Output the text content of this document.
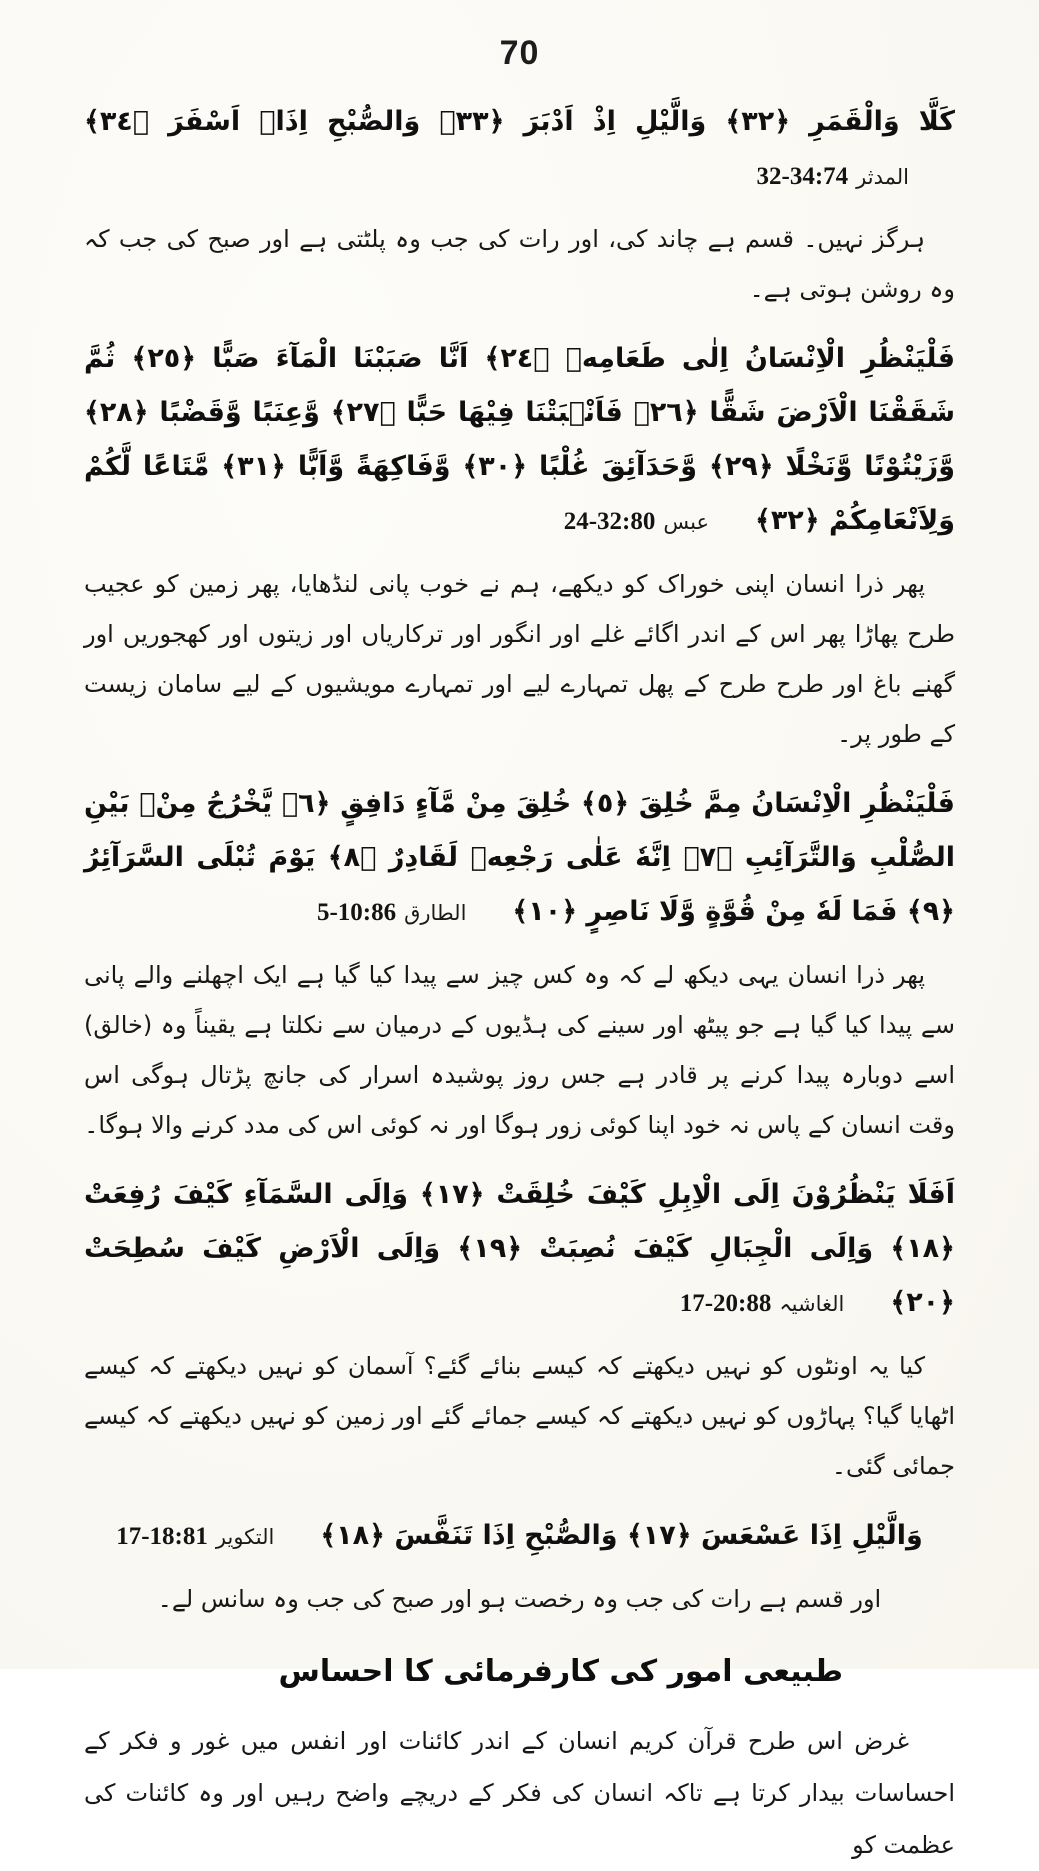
70

كَلَّا وَالْقَمَرِ ﴿٣٢﴾ وَالَّيْلِ اِذْ اَدْبَرَ ﴿٣٣﴾ وَالصُّبْحِ اِذَاۤ اَسْفَرَ ﴿٣٤﴾المدثر32-34:74

ہرگز نہیں۔ قسم ہے چاند کی، اور رات کی جب وہ پلٹتی ہے اور صبح کی جب کہ وہ روشن ہوتی ہے۔

فَلْيَنْظُرِ الْاِنْسَانُ اِلٰى طَعَامِهٖ ﴿٢٤﴾ اَنَّا صَبَبْنَا الْمَآءَ صَبًّا ﴿٢٥﴾ ثُمَّ شَقَقْنَا الْاَرْضَ شَقًّا ﴿٢٦﴾ فَاَنْۢبَتْنَا فِيْهَا حَبًّا ﴿٢٧﴾ وَّعِنَبًا وَّقَضْبًا ﴿٢٨﴾ وَّزَيْتُوْنًا وَّنَخْلًا ﴿٢٩﴾ وَّحَدَآئِقَ غُلْبًا ﴿٣٠﴾ وَّفَاكِهَةً وَّاَبًّا ﴿٣١﴾ مَّتَاعًا لَّكُمْ وَلِاَنْعَامِكُمْ ﴿٣٢﴾عبس24-32:80

پھر ذرا انسان اپنی خوراک کو دیکھے، ہم نے خوب پانی لنڈھایا، پھر زمین کو عجیب طرح پھاڑا پھر اس کے اندر اگائے غلے اور انگور اور ترکاریاں اور زیتوں اور کھجوریں اور گھنے باغ اور طرح طرح کے پھل تمہارے لیے اور تمہارے مویشیوں کے لیے سامان زیست کے طور پر۔

فَلْيَنْظُرِ الْاِنْسَانُ مِمَّ خُلِقَ ﴿٥﴾ خُلِقَ مِنْ مَّآءٍ دَافِقٍ ﴿٦﴾ يَّخْرُجُ مِنْۢ بَيْنِ الصُّلْبِ وَالتَّرَآئِبِ ﴿٧﴾ اِنَّهٗ عَلٰى رَجْعِهٖ لَقَادِرٌ ﴿٨﴾ يَوْمَ تُبْلَى السَّرَآئِرُ ﴿٩﴾ فَمَا لَهٗ مِنْ قُوَّةٍ وَّلَا نَاصِرٍ ﴿١٠﴾الطارق5-10:86

پھر ذرا انسان یہی دیکھ لے کہ وہ کس چیز سے پیدا کیا گیا ہے ایک اچھلنے والے پانی سے پیدا کیا گیا ہے جو پیٹھ اور سینے کی ہڈیوں کے درمیان سے نکلتا ہے یقیناً وہ (خالق) اسے دوبارہ پیدا کرنے پر قادر ہے جس روز پوشیدہ اسرار کی جانچ پڑتال ہوگی اس وقت انسان کے پاس نہ خود اپنا کوئی زور ہوگا اور نہ کوئی اس کی مدد کرنے والا ہوگا۔

اَفَلَا يَنْظُرُوْنَ اِلَى الْاِبِلِ كَيْفَ خُلِقَتْ ﴿١٧﴾ وَاِلَى السَّمَآءِ كَيْفَ رُفِعَتْ ﴿١٨﴾ وَاِلَى الْجِبَالِ كَيْفَ نُصِبَتْ ﴿١٩﴾ وَاِلَى الْاَرْضِ كَيْفَ سُطِحَتْ ﴿٢٠﴾الغاشیہ17-20:88

کیا یہ اونٹوں کو نہیں دیکھتے کہ کیسے بنائے گئے؟ آسمان کو نہیں دیکھتے کہ کیسے اٹھایا گیا؟ پہاڑوں کو نہیں دیکھتے کہ کیسے جمائے گئے اور زمین کو نہیں دیکھتے کہ کیسے جمائی گئی۔

وَالَّيْلِ اِذَا عَسْعَسَ ﴿١٧﴾ وَالصُّبْحِ اِذَا تَنَفَّسَ ﴿١٨﴾التكوير17-18:81

اور قسم ہے رات کی جب وہ رخصت ہو اور صبح کی جب وہ سانس لے۔

طبیعی امور کی کارفرمائی کا احساس

غرض اس طرح قرآن کریم انسان کے اندر کائنات اور انفس میں غور و فکر کے احساسات بیدار کرتا ہے تاکہ انسان کی فکر کے دریچے واضح رہیں اور وہ کائنات کی عظمت کو
